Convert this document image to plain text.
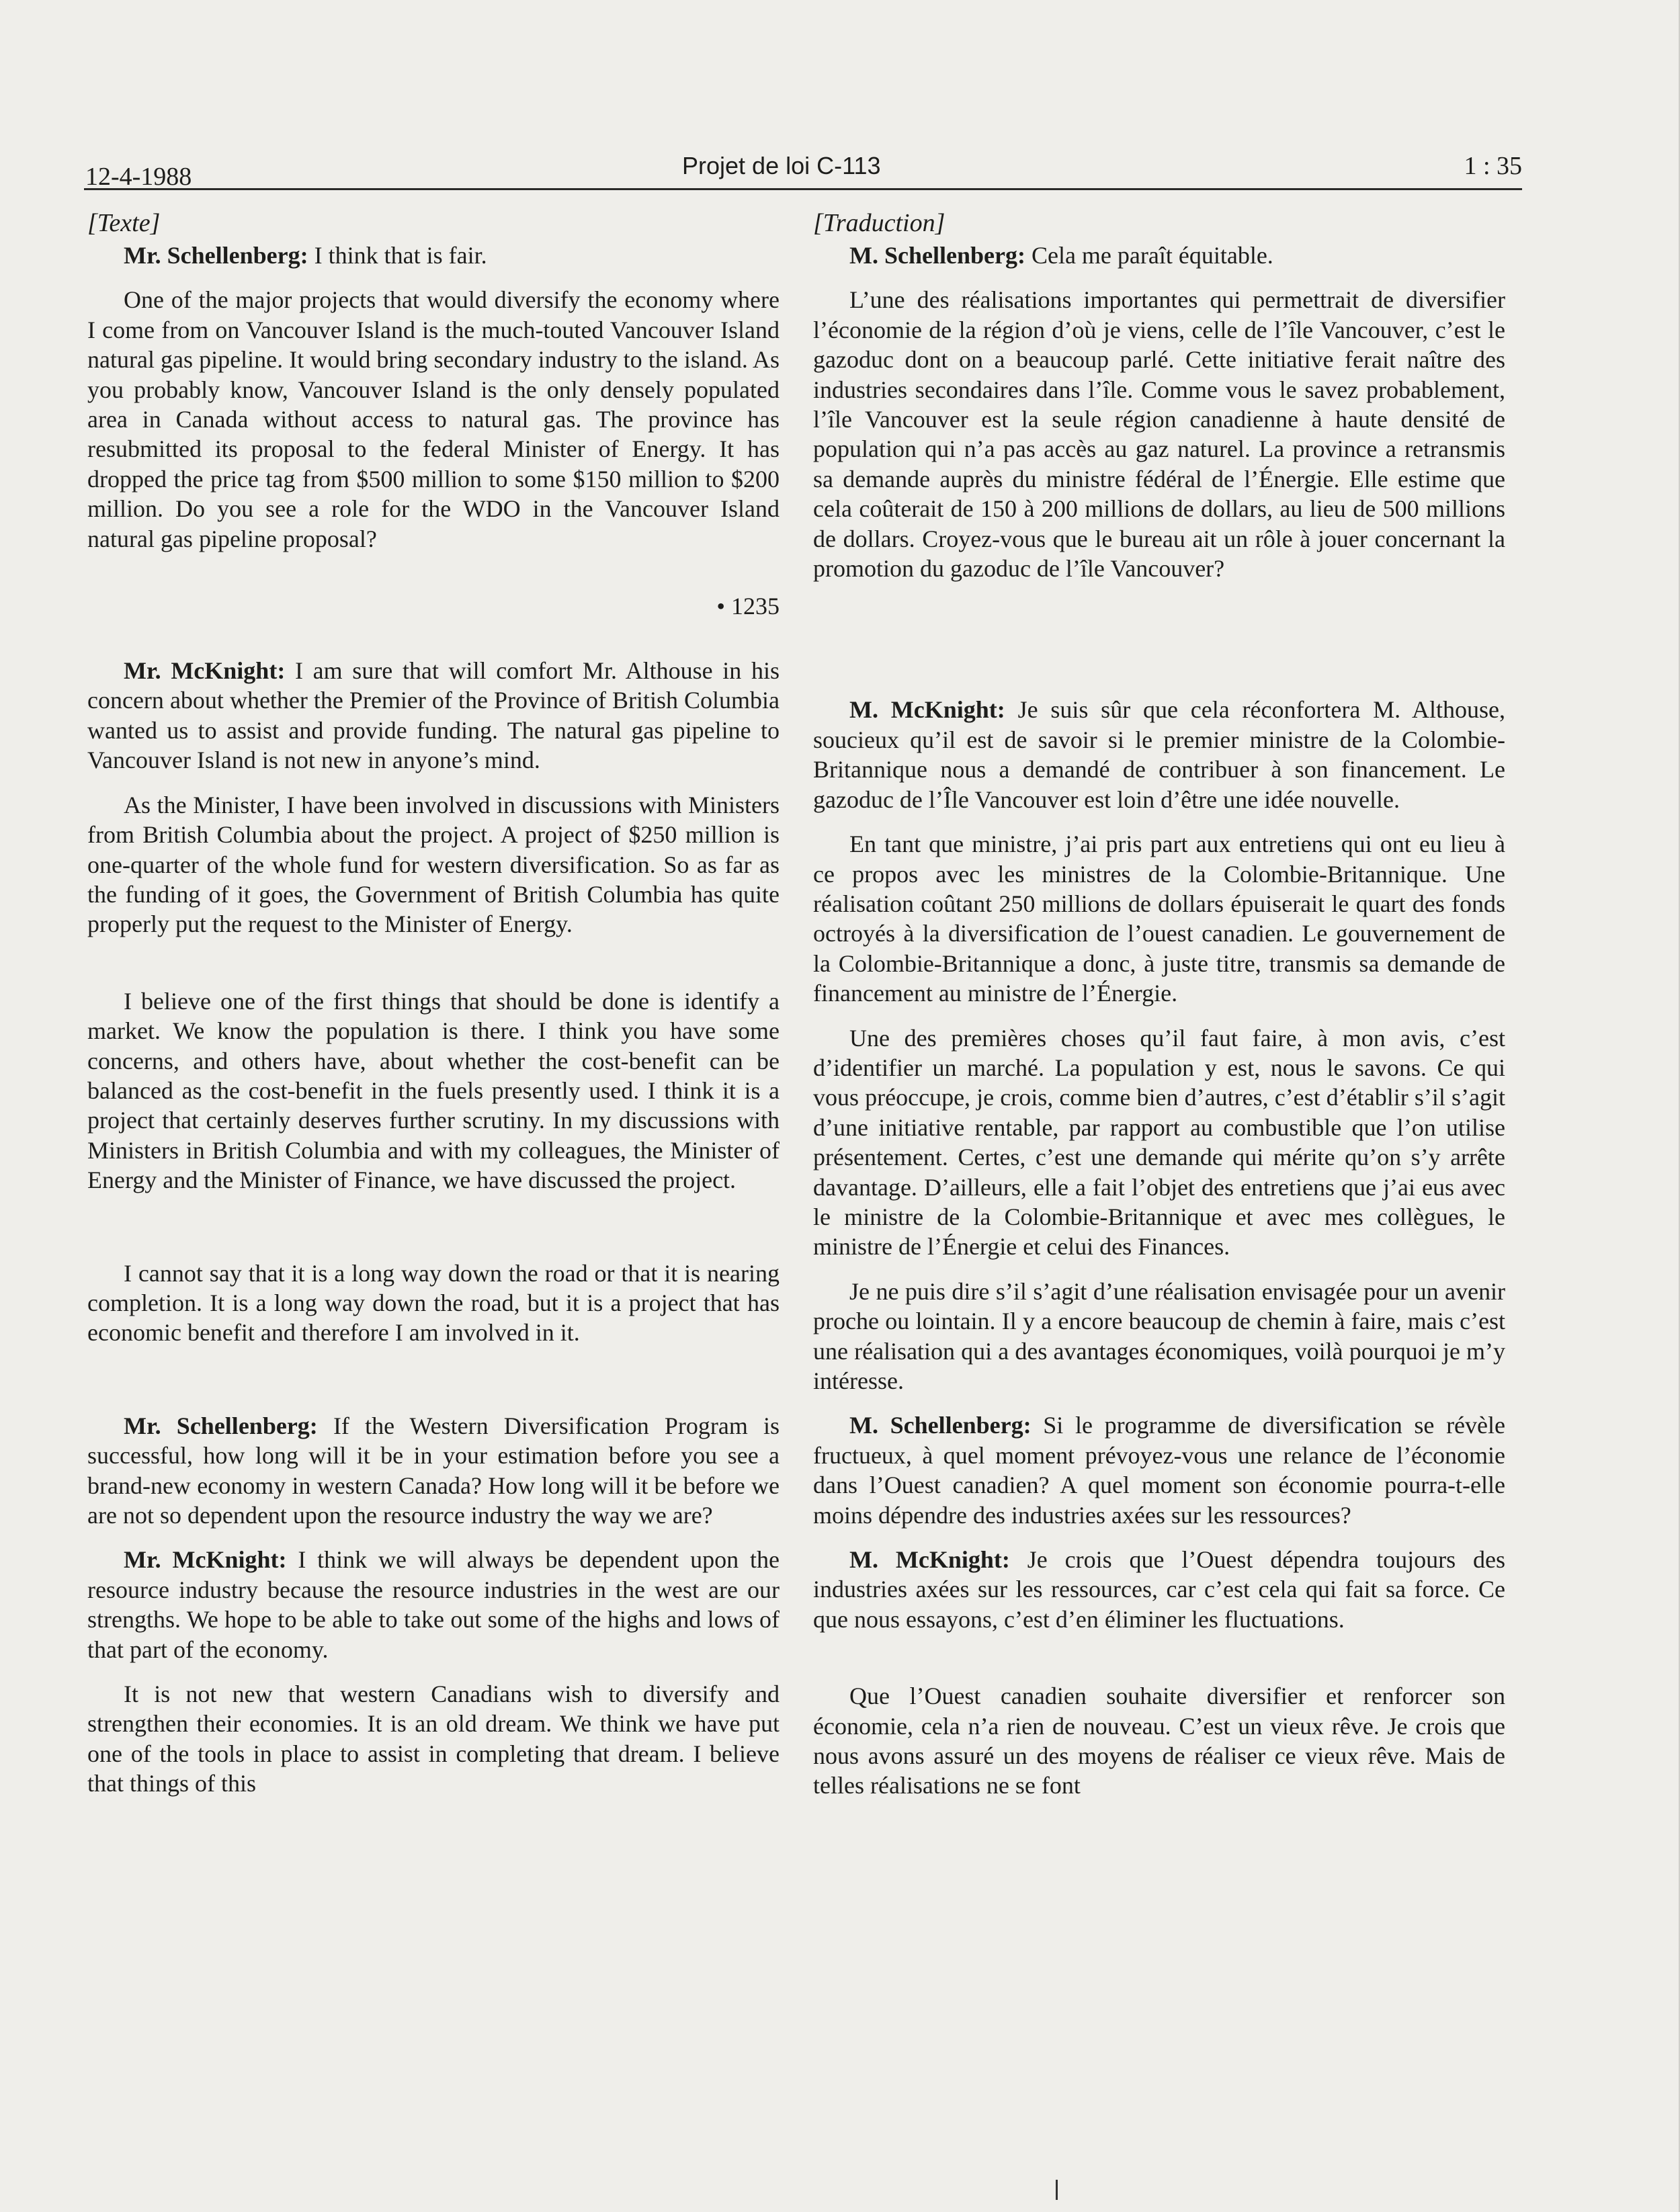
12-4-1988	Projet de loi C-113	1 : 35
[Texte]

Mr. Schellenberg: I think that is fair.

One of the major projects that would diversify the economy where I come from on Vancouver Island is the much-touted Vancouver Island natural gas pipeline. It would bring secondary industry to the island. As you probably know, Vancouver Island is the only densely populated area in Canada without access to natural gas. The province has resubmitted its proposal to the federal Minister of Energy. It has dropped the price tag from $500 million to some $150 million to $200 million. Do you see a role for the WDO in the Vancouver Island natural gas pipeline proposal?

• 1235

Mr. McKnight: I am sure that will comfort Mr. Althouse in his concern about whether the Premier of the Province of British Columbia wanted us to assist and provide funding. The natural gas pipeline to Vancouver Island is not new in anyone’s mind.

As the Minister, I have been involved in discussions with Ministers from British Columbia about the project. A project of $250 million is one-quarter of the whole fund for western diversification. So as far as the funding of it goes, the Government of British Columbia has quite properly put the request to the Minister of Energy.

I believe one of the first things that should be done is identify a market. We know the population is there. I think you have some concerns, and others have, about whether the cost-benefit can be balanced as the cost-benefit in the fuels presently used. I think it is a project that certainly deserves further scrutiny. In my discussions with Ministers in British Columbia and with my colleagues, the Minister of Energy and the Minister of Finance, we have discussed the project.

I cannot say that it is a long way down the road or that it is nearing completion. It is a long way down the road, but it is a project that has economic benefit and therefore I am involved in it.

Mr. Schellenberg: If the Western Diversification Program is successful, how long will it be in your estimation before you see a brand-new economy in western Canada? How long will it be before we are not so dependent upon the resource industry the way we are?

Mr. McKnight: I think we will always be dependent upon the resource industry because the resource industries in the west are our strengths. We hope to be able to take out some of the highs and lows of that part of the economy.

It is not new that western Canadians wish to diversify and strengthen their economies. It is an old dream. We think we have put one of the tools in place to assist in completing that dream. I believe that things of this

[Traduction]

M. Schellenberg: Cela me paraît équitable.

L’une des réalisations importantes qui permettrait de diversifier l’économie de la région d’où je viens, celle de l’île Vancouver, c’est le gazoduc dont on a beaucoup parlé. Cette initiative ferait naître des industries secondaires dans l’île. Comme vous le savez probablement, l’île Vancouver est la seule région canadienne à haute densité de population qui n’a pas accès au gaz naturel. La province a retransmis sa demande auprès du ministre fédéral de l’Énergie. Elle estime que cela coûterait de 150 à 200 millions de dollars, au lieu de 500 millions de dollars. Croyez-vous que le bureau ait un rôle à jouer concernant la promotion du gazoduc de l’île Vancouver?

M. McKnight: Je suis sûr que cela réconfortera M. Althouse, soucieux qu’il est de savoir si le premier ministre de la Colombie-Britannique nous a demandé de contribuer à son financement. Le gazoduc de l’Île Vancouver est loin d’être une idée nouvelle.

En tant que ministre, j’ai pris part aux entretiens qui ont eu lieu à ce propos avec les ministres de la Colombie-Britannique. Une réalisation coûtant 250 millions de dollars épuiserait le quart des fonds octroyés à la diversification de l’ouest canadien. Le gouvernement de la Colombie-Britannique a donc, à juste titre, transmis sa demande de financement au ministre de l’Énergie.

Une des premières choses qu’il faut faire, à mon avis, c’est d’identifier un marché. La population y est, nous le savons. Ce qui vous préoccupe, je crois, comme bien d’autres, c’est d’établir s’il s’agit d’une initiative rentable, par rapport au combustible que l’on utilise présentement. Certes, c’est une demande qui mérite qu’on s’y arrête davantage. D’ailleurs, elle a fait l’objet des entretiens que j’ai eus avec le ministre de la Colombie-Britannique et avec mes collègues, le ministre de l’Énergie et celui des Finances.

Je ne puis dire s’il s’agit d’une réalisation envisagée pour un avenir proche ou lointain. Il y a encore beaucoup de chemin à faire, mais c’est une réalisation qui a des avantages économiques, voilà pourquoi je m’y intéresse.

M. Schellenberg: Si le programme de diversification se révèle fructueux, à quel moment prévoyez-vous une relance de l’économie dans l’Ouest canadien? A quel moment son économie pourra-t-elle moins dépendre des industries axées sur les ressources?

M. McKnight: Je crois que l’Ouest dépendra toujours des industries axées sur les ressources, car c’est cela qui fait sa force. Ce que nous essayons, c’est d’en éliminer les fluctuations.

Que l’Ouest canadien souhaite diversifier et renforcer son économie, cela n’a rien de nouveau. C’est un vieux rêve. Je crois que nous avons assuré un des moyens de réaliser ce vieux rêve. Mais de telles réalisations ne se font
